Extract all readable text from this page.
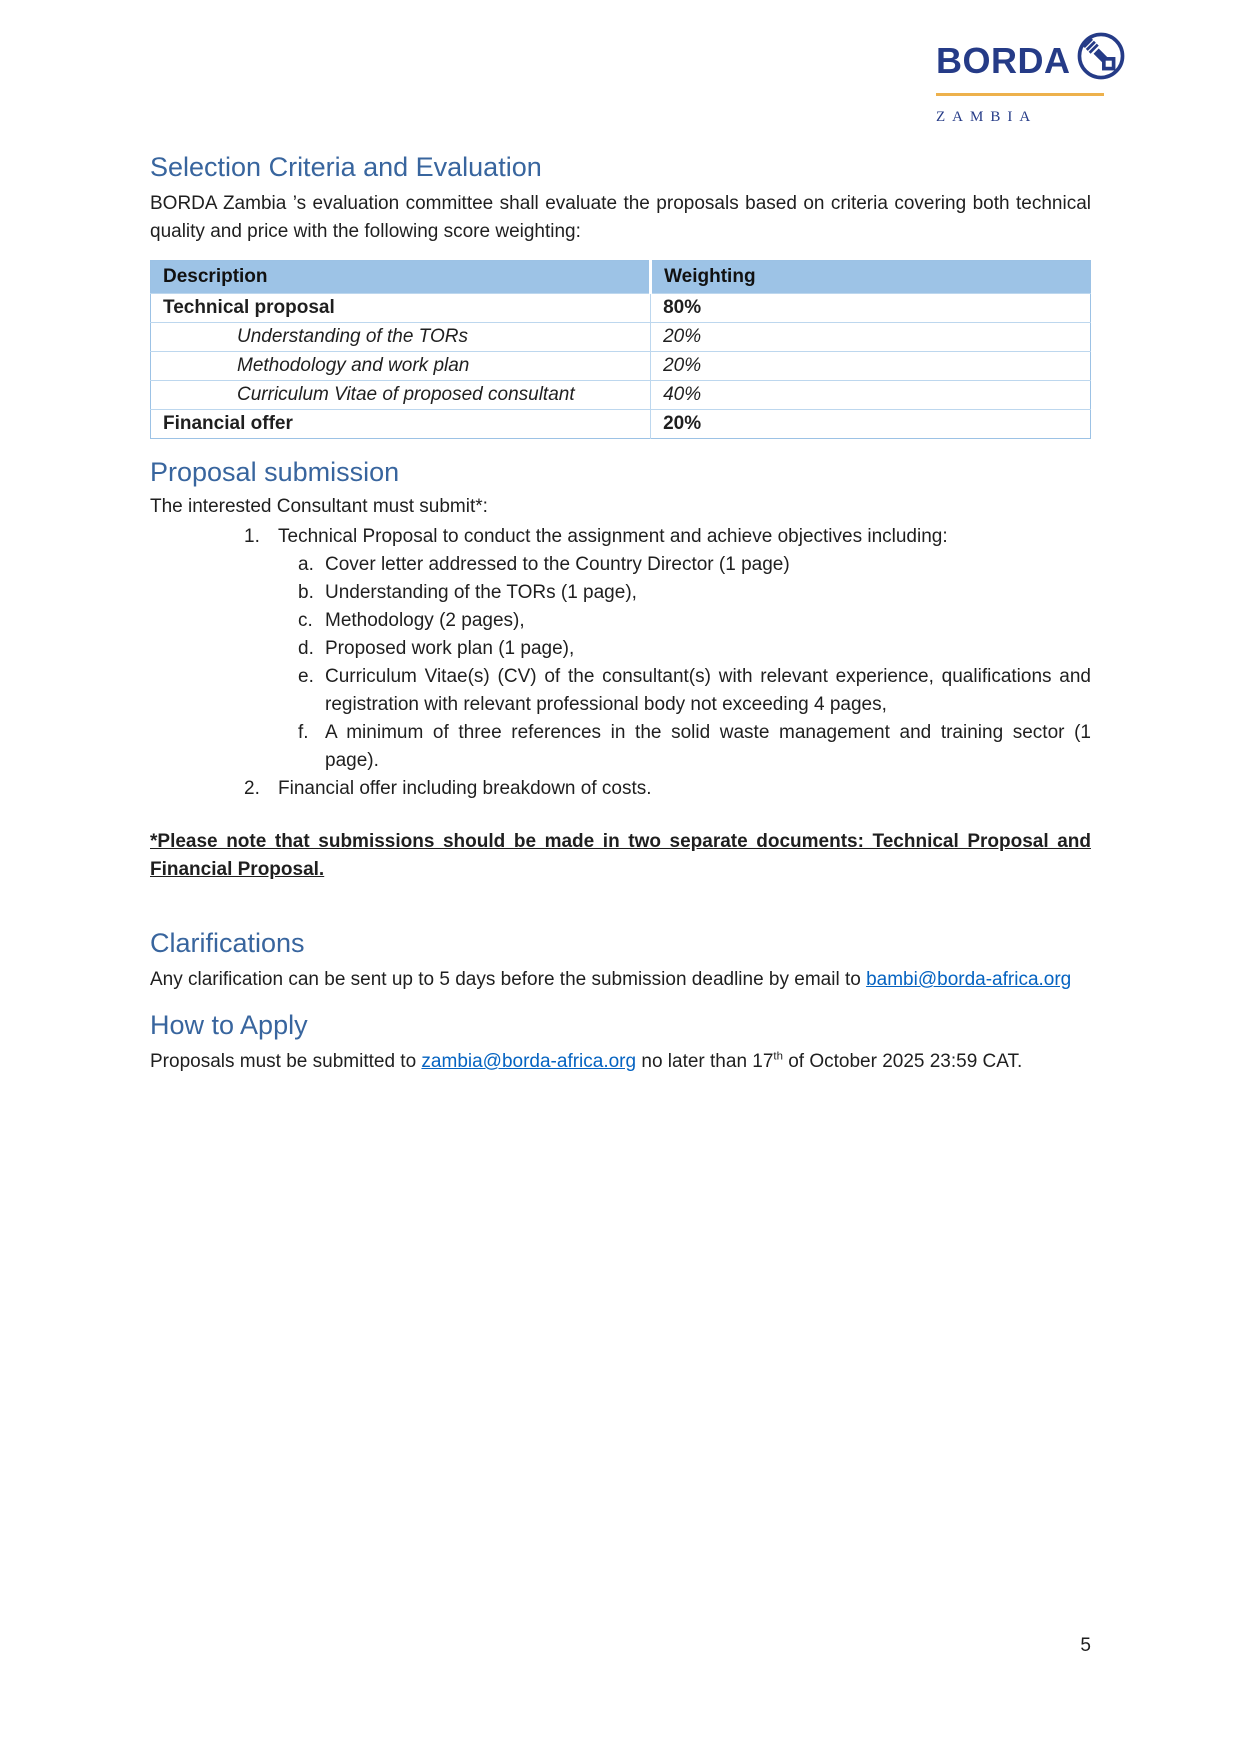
BORDA
ZAMBIA
Selection Criteria and Evaluation

BORDA Zambia ’s evaluation committee shall evaluate the proposals based on criteria covering both technical quality and price with the following score weighting:

Description	Weighting
Technical proposal	80%
Understanding of the TORs	20%
Methodology and work plan	20%
Curriculum Vitae of proposed consultant	40%
Financial offer	20%
Proposal submission

The interested Consultant must submit*:

1. Technical Proposal to conduct the assignment and achieve objectives including:
a. Cover letter addressed to the Country Director (1 page)
b. Understanding of the TORs (1 page),
c. Methodology (2 pages),
d. Proposed work plan (1 page),
e. Curriculum Vitae(s) (CV) of the consultant(s) with relevant experience, qualifications and registration with relevant professional body not exceeding 4 pages,
f. A minimum of three references in the solid waste management and training sector (1 page).
2. Financial offer including breakdown of costs.

*Please note that submissions should be made in two separate documents: Technical Proposal and Financial Proposal.

Clarifications

Any clarification can be sent up to 5 days before the submission deadline by email to bambi@borda-africa.org

How to Apply

Proposals must be submitted to zambia@borda-africa.org no later than 17th of October 2025 23:59 CAT.

5
